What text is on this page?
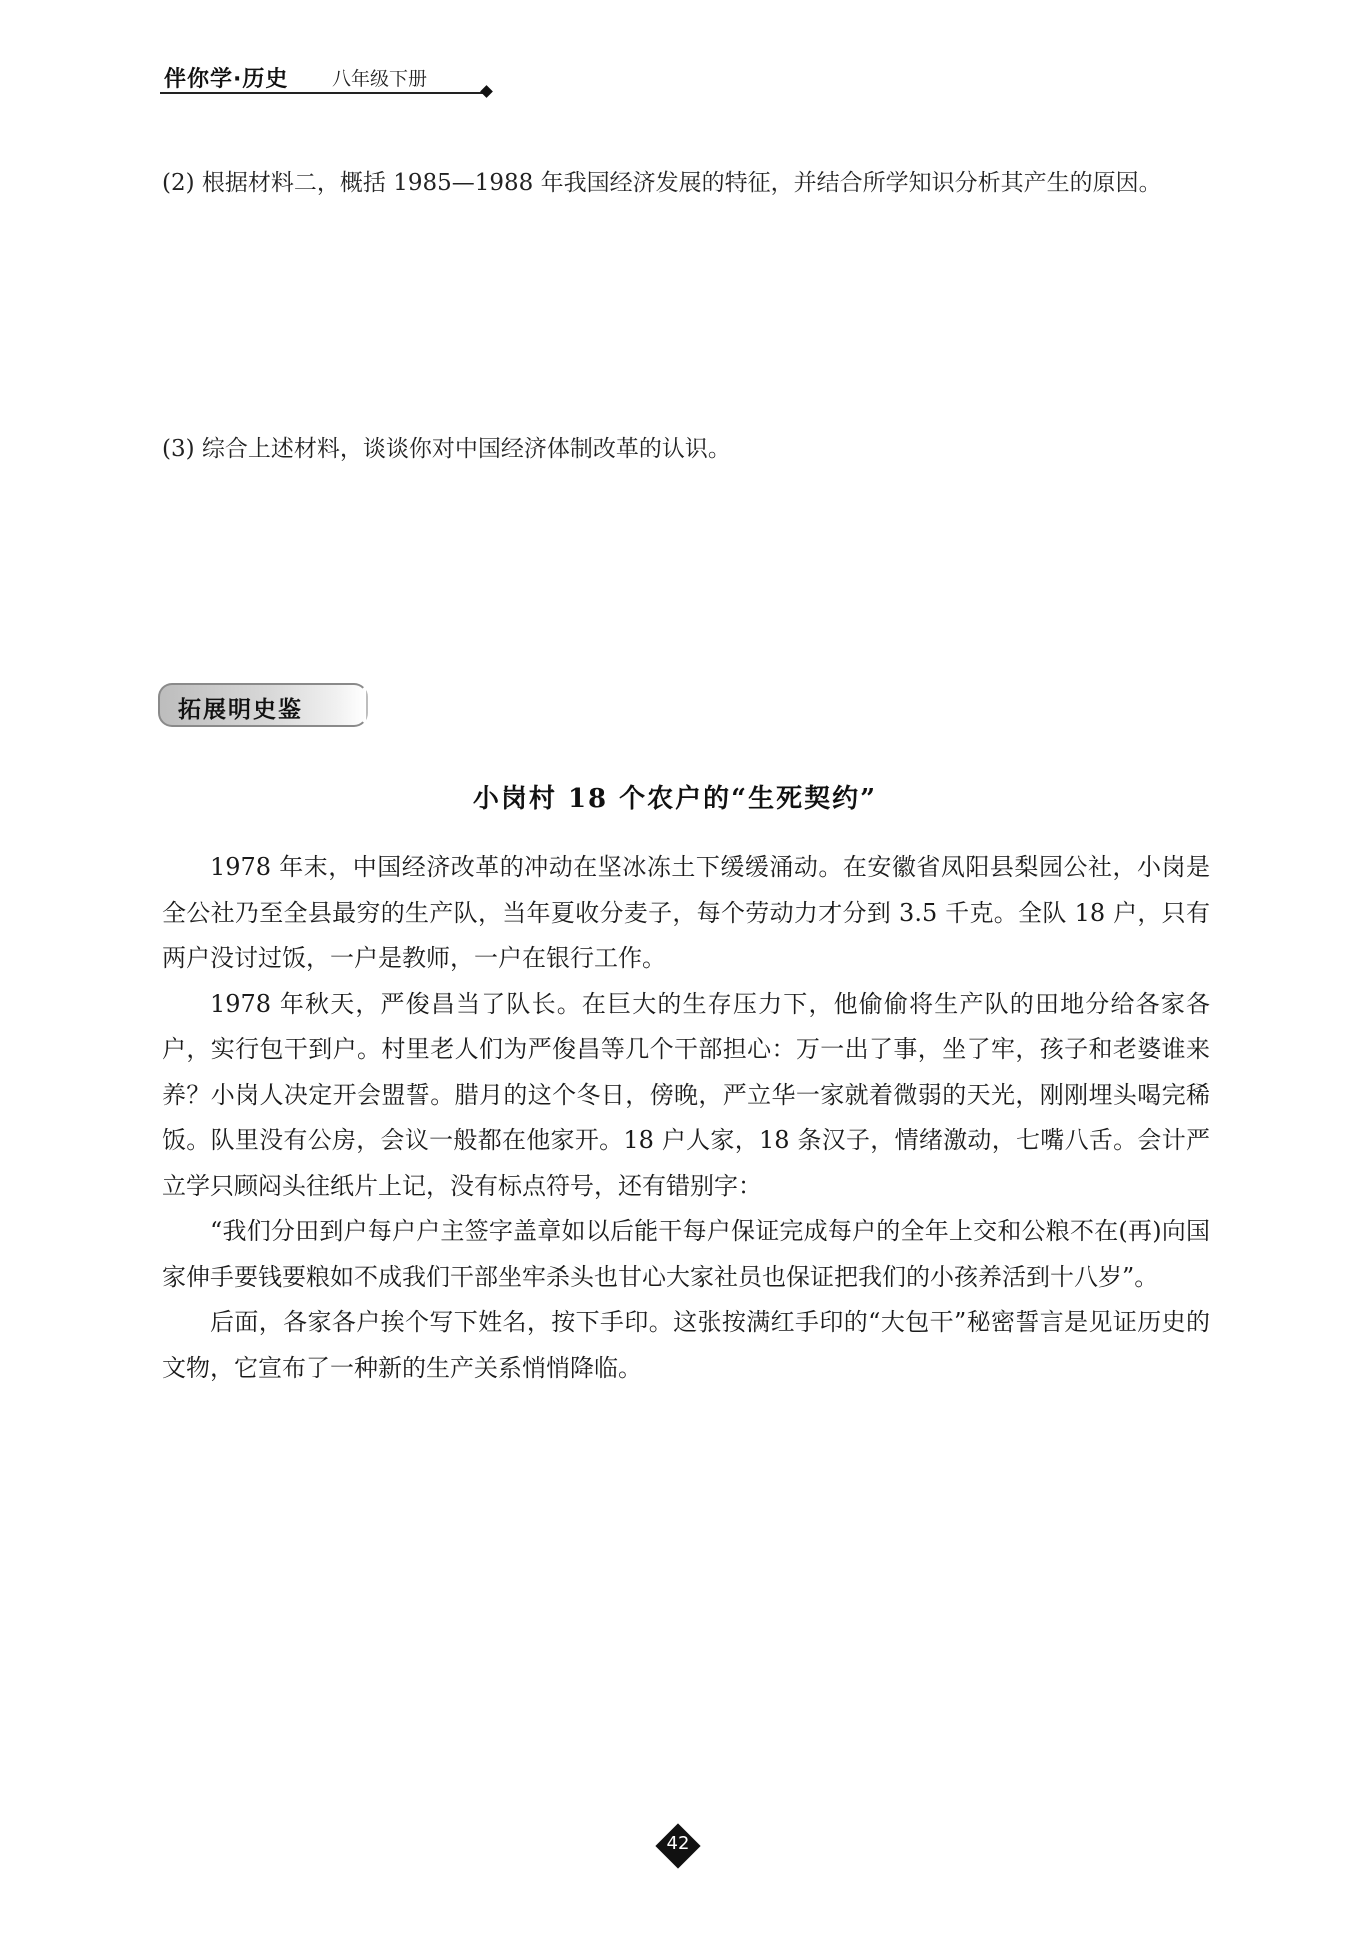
伴你学·历史 八年级下册
(2) 根据材料二，概括 1985—1988 年我国经济发展的特征，并结合所学知识分析其产生的原因。
(3) 综合上述材料，谈谈你对中国经济体制改革的认识。
拓展明史鉴
小岗村 18 个农户的“生死契约”

1978 年末，中国经济改革的冲动在坚冰冻土下缓缓涌动。在安徽省凤阳县梨园公社，小岗是全公社乃至全县最穷的生产队，当年夏收分麦子，每个劳动力才分到 3.5 千克。全队 18 户，只有两户没讨过饭，一户是教师，一户在银行工作。

1978 年秋天，严俊昌当了队长。在巨大的生存压力下，他偷偷将生产队的田地分给各家各户，实行包干到户。村里老人们为严俊昌等几个干部担心：万一出了事，坐了牢，孩子和老婆谁来养？小岗人决定开会盟誓。腊月的这个冬日，傍晚，严立华一家就着微弱的天光，刚刚埋头喝完稀饭。队里没有公房，会议一般都在他家开。18 户人家，18 条汉子，情绪激动，七嘴八舌。会计严立学只顾闷头往纸片上记，没有标点符号，还有错别字：

“我们分田到户每户户主签字盖章如以后能干每户保证完成每户的全年上交和公粮不在(再)向国家伸手要钱要粮如不成我们干部坐牢杀头也甘心大家社员也保证把我们的小孩养活到十八岁”。

后面，各家各户挨个写下姓名，按下手印。这张按满红手印的“大包干”秘密誓言是见证历史的文物，它宣布了一种新的生产关系悄悄降临。

42
